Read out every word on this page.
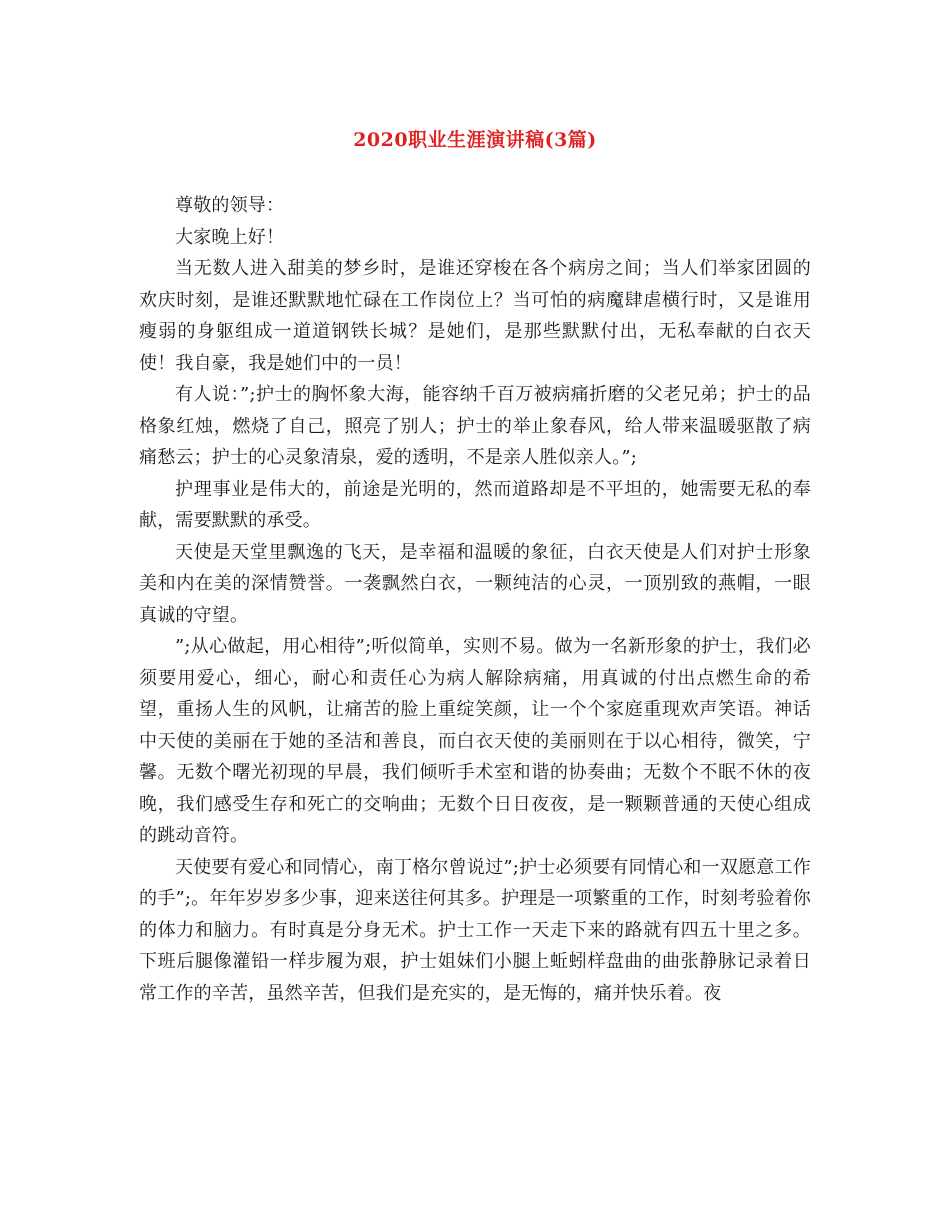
2020职业生涯演讲稿(3篇)

尊敬的领导：

大家晚上好！

当无数人进入甜美的梦乡时，是谁还穿梭在各个病房之间；当人们举家团圆的欢庆时刻，是谁还默默地忙碌在工作岗位上？当可怕的病魔肆虐横行时，又是谁用瘦弱的身躯组成一道道钢铁长城？是她们，是那些默默付出，无私奉献的白衣天使！我自豪，我是她们中的一员！

有人说：”;护士的胸怀象大海，能容纳千百万被病痛折磨的父老兄弟；护士的品格象红烛，燃烧了自己，照亮了别人；护士的举止象春风，给人带来温暖驱散了病痛愁云；护士的心灵象清泉，爱的透明，不是亲人胜似亲人。”;

护理事业是伟大的，前途是光明的，然而道路却是不平坦的，她需要无私的奉献，需要默默的承受。

天使是天堂里飘逸的飞天，是幸福和温暖的象征，白衣天使是人们对护士形象美和内在美的深情赞誉。一袭飘然白衣，一颗纯洁的心灵，一顶别致的燕帽，一眼真诚的守望。

”;从心做起，用心相待”;听似简单，实则不易。做为一名新形象的护士，我们必须要用爱心，细心，耐心和责任心为病人解除病痛，用真诚的付出点燃生命的希望，重扬人生的风帆，让痛苦的脸上重绽笑颜，让一个个家庭重现欢声笑语。神话中天使的美丽在于她的圣洁和善良，而白衣天使的美丽则在于以心相待，微笑，宁馨。无数个曙光初现的早晨，我们倾听手术室和谐的协奏曲；无数个不眠不休的夜晚，我们感受生存和死亡的交响曲；无数个日日夜夜，是一颗颗普通的天使心组成的跳动音符。

天使要有爱心和同情心，南丁格尔曾说过”;护士必须要有同情心和一双愿意工作的手”;。年年岁岁多少事，迎来送往何其多。护理是一项繁重的工作，时刻考验着你的体力和脑力。有时真是分身无术。护士工作一天走下来的路就有四五十里之多。下班后腿像灌铅一样步履为艰，护士姐妹们小腿上蚯蚓样盘曲的曲张静脉记录着日常工作的辛苦，虽然辛苦，但我们是充实的，是无悔的，痛并快乐着。夜
